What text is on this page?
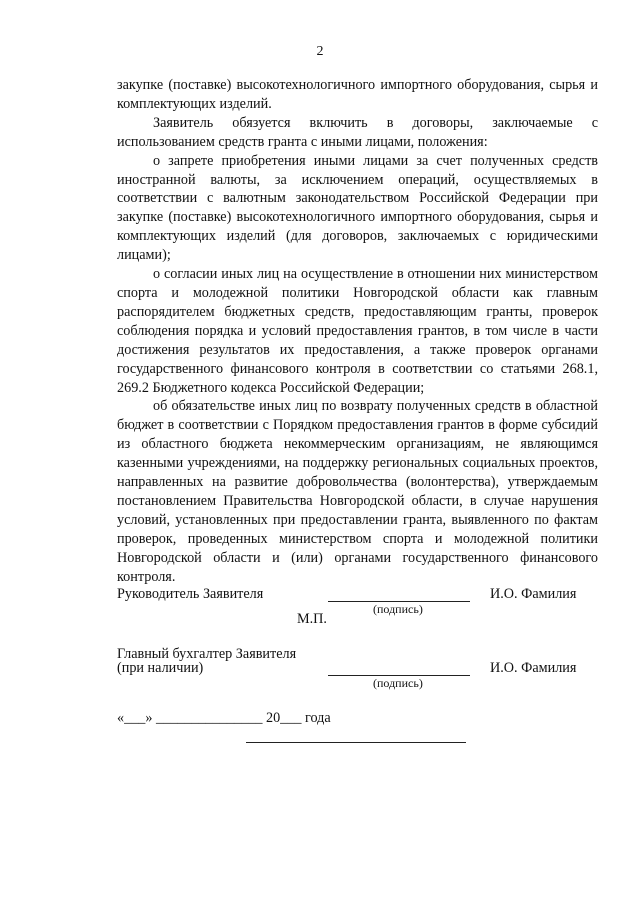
2

закупке (поставке) высокотехнологичного импортного оборудования, сырья и комплектующих изделий.

Заявитель обязуется включить в договоры, заключаемые с использованием средств гранта с иными лицами, положения:

о запрете приобретения иными лицами за счет полученных средств иностранной валюты, за исключением операций, осуществляемых в соответствии с валютным законодательством Российской Федерации при закупке (поставке) высокотехнологичного импортного оборудования, сырья и комплектующих изделий (для договоров, заключаемых с юридическими лицами);

о согласии иных лиц на осуществление в отношении них министерством спорта и молодежной политики Новгородской области как главным распорядителем бюджетных средств, предоставляющим гранты, проверок соблюдения порядка и условий предоставления грантов, в том числе в части достижения результатов их предоставления, а также проверок органами государственного финансового контроля в соответствии со статьями 268.1, 269.2 Бюджетного кодекса Российской Федерации;

об обязательстве иных лиц по возврату полученных средств в областной бюджет в соответствии с Порядком предоставления грантов в форме субсидий из областного бюджета некоммерческим организациям, не являющимся казенными учреждениями, на поддержку региональных социальных проектов, направленных на развитие добровольчества (волонтерства), утверждаемым постановлением Правительства Новгородской области, в случае нарушения условий, установленных при предоставлении гранта, выявленного по фактам проверок, проведенных министерством спорта и молодежной политики Новгородской области и (или) органами государственного финансового контроля.

Руководитель Заявителя	И.О. Фамилия
(подпись)
М.П.
Главный бухгалтер Заявителя
(при наличии)	И.О. Фамилия
(подпись)
«___» _______________ 20___ года
